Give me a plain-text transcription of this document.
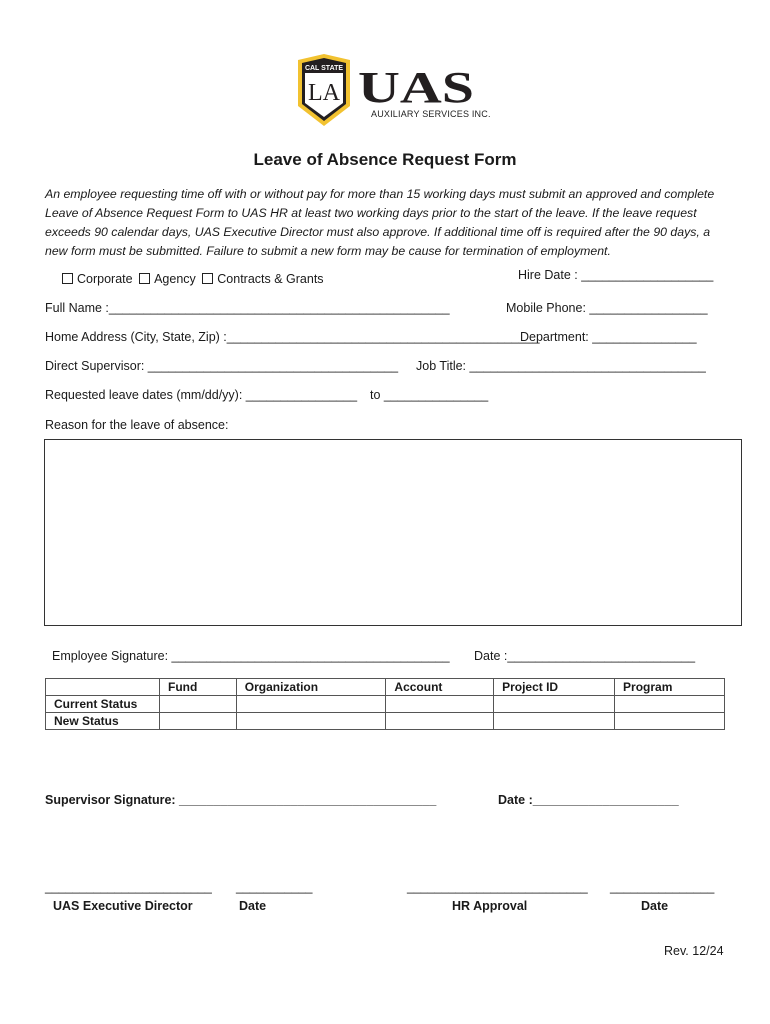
CAL STATE
LA UAS
AUXILIARY SERVICES INC.
Leave of Absence Request Form
An employee requesting time off with or without pay for more than 15 working days must submit an approved and complete Leave of Absence Request Form to UAS HR at least two working days prior to the start of the leave. If the leave request exceeds 90 calendar days, UAS Executive Director must also approve. If additional time off is required after the 90 days, a new form must be submitted. Failure to submit a new form may be cause for termination of employment.
Corporate Agency Contracts & Grants	Hire Date : ___________________
Full Name :_________________________________________________	Mobile Phone: _________________
Home Address (City, State, Zip) :_____________________________________________
Department: _______________
Direct Supervisor: ____________________________________ Job Title: __________________________________
Requested leave dates (mm/dd/yy): ________________ to _______________
Reason for the leave of absence:
Employee Signature: ________________________________________ Date :___________________________
	Fund	Organization	Account	Project ID	Program
Current Status					
New Status					
Supervisor Signature: _____________________________________	Date :_____________________
________________________ ___________	__________________________ _______________
UAS Executive Director	Date	HR Approval	Date
Rev. 12/24
